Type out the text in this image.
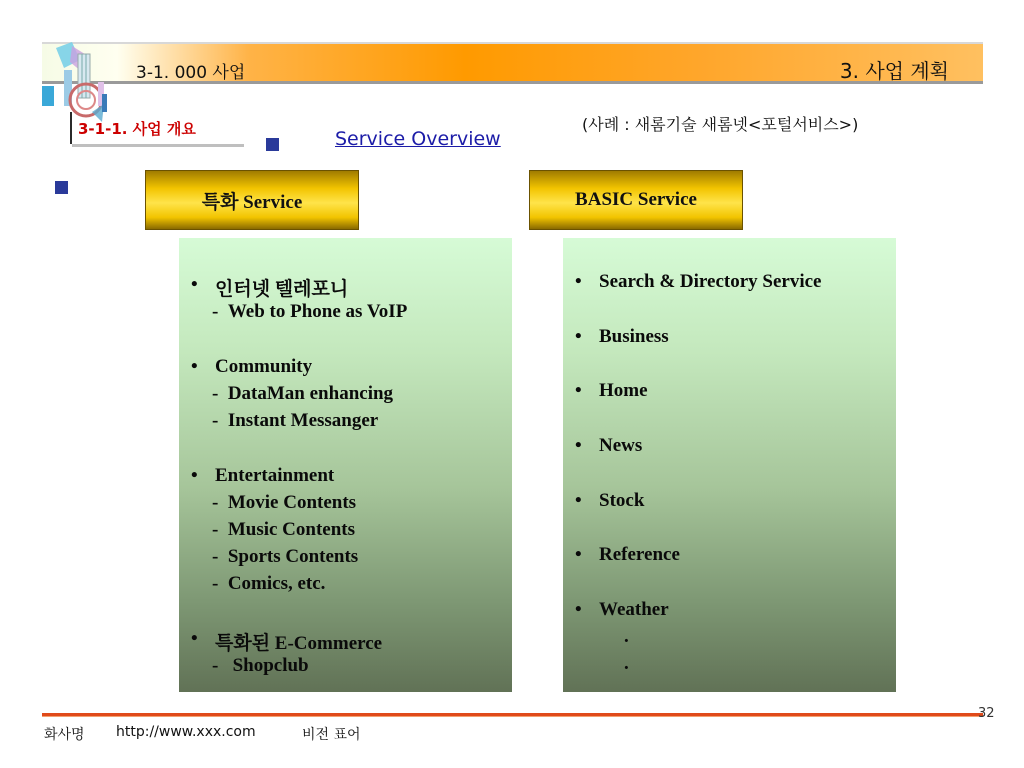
3-1. 000 사업	3. 사업 계획
3-1-1. 사업 개요	Service Overview
(사례 : 새롬기술 새롬넷<포털서비스>)
특화 Service	BASIC Service
• 인터넷 텔레포니
-  Web to Phone as VoIP
• Community
-  DataMan enhancing
-  Instant Messanger
• Entertainment
-  Movie Contents
-  Music Contents
-  Sports Contents
-  Comics, etc.
• 특화된 E-Commerce
-   Shopclub
• Search & Directory Service
• Business
• Home
• News
• Stock
• Reference
• Weather
.
.
32
화사명 http://www.xxx.com	비전 표어
